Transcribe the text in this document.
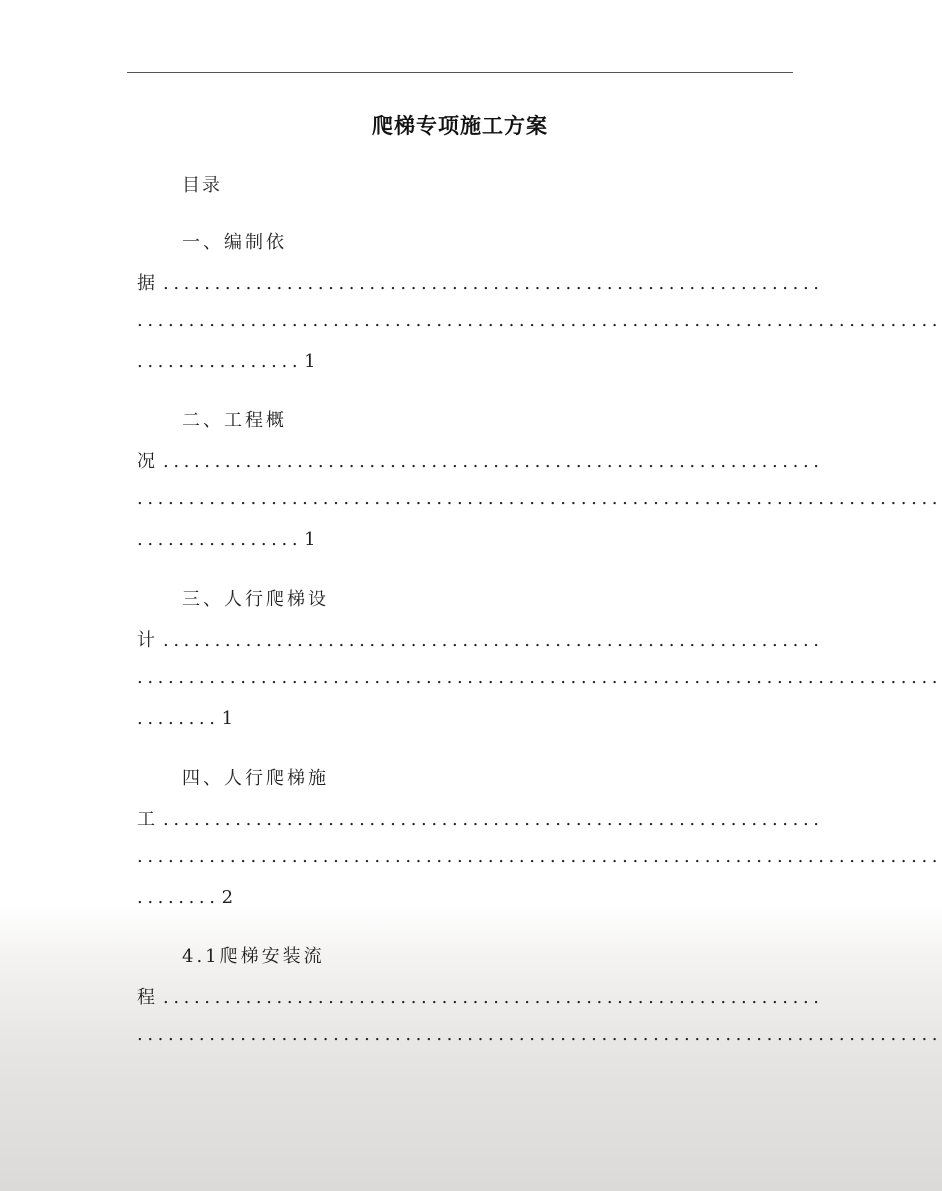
爬梯专项施工方案
目录
一、编制依
据 ................................................................
..............................................................................
................ 1
二、工程概
况 ................................................................
..............................................................................
................ 1
三、人行爬梯设
计 ................................................................
..............................................................................
........ 1
四、人行爬梯施
工 ................................................................
..............................................................................
........ 2
4.1爬梯安装流
程 ................................................................
..............................................................................
